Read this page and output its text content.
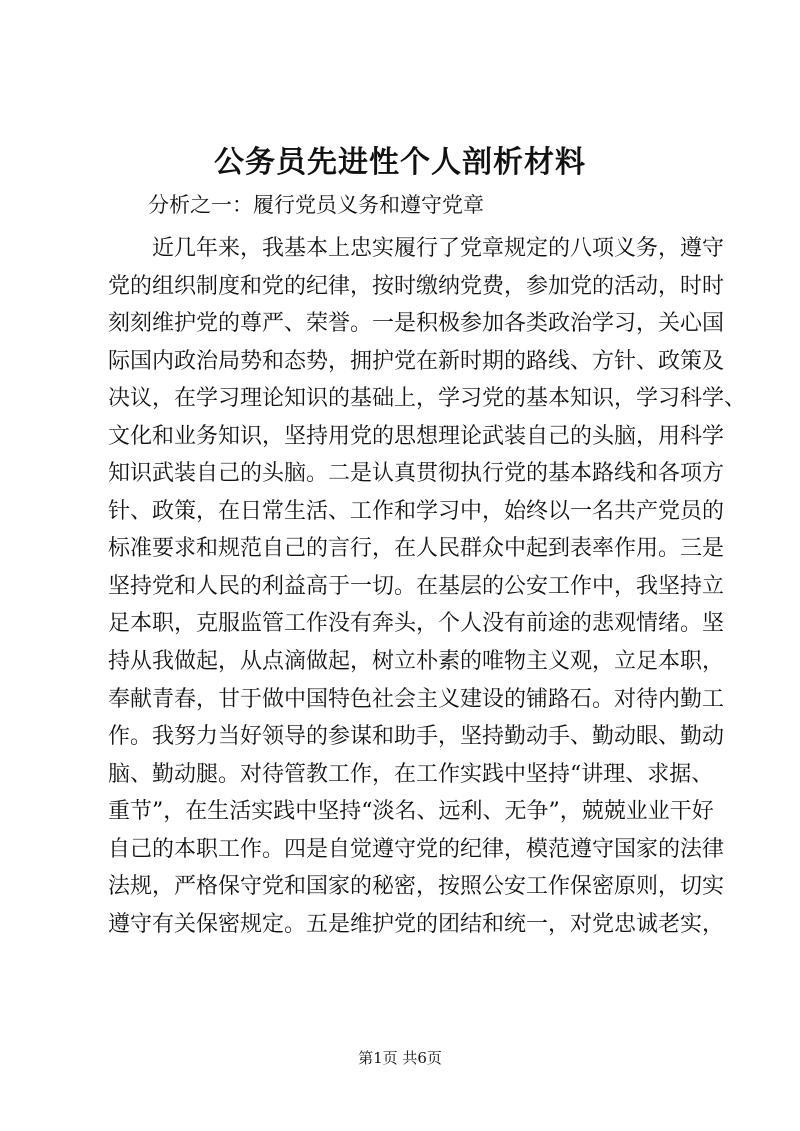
公务员先进性个人剖析材料

分析之一：履行党员义务和遵守党章

近几年来，我基本上忠实履行了党章规定的八项义务，遵守
党的组织制度和党的纪律，按时缴纳党费，参加党的活动，时时
刻刻维护党的尊严、荣誉。一是积极参加各类政治学习，关心国
际国内政治局势和态势，拥护党在新时期的路线、方针、政策及
决议，在学习理论知识的基础上，学习党的基本知识，学习科学、
文化和业务知识，坚持用党的思想理论武装自己的头脑，用科学
知识武装自己的头脑。二是认真贯彻执行党的基本路线和各项方
针、政策，在日常生活、工作和学习中，始终以一名共产党员的
标准要求和规范自己的言行，在人民群众中起到表率作用。三是
坚持党和人民的利益高于一切。在基层的公安工作中，我坚持立
足本职，克服监管工作没有奔头，个人没有前途的悲观情绪。坚
持从我做起，从点滴做起，树立朴素的唯物主义观，立足本职，
奉献青春，甘于做中国特色社会主义建设的铺路石。对待内勤工
作。我努力当好领导的参谋和助手，坚持勤动手、勤动眼、勤动
脑、勤动腿。对待管教工作，在工作实践中坚持“讲理、求据、
重节”，在生活实践中坚持“淡名、远利、无争”，兢兢业业干好
自己的本职工作。四是自觉遵守党的纪律，模范遵守国家的法律
法规，严格保守党和国家的秘密，按照公安工作保密原则，切实
遵守有关保密规定。五是维护党的团结和统一，对党忠诚老实，

第1页 共6页
